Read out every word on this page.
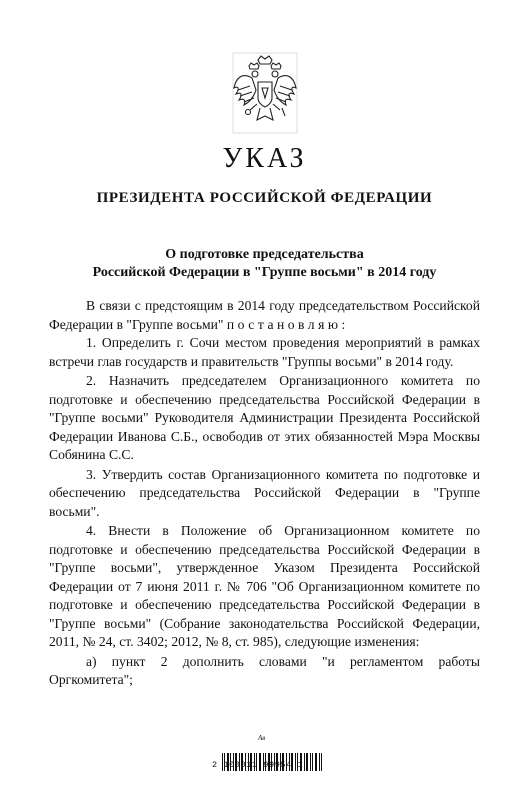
УКАЗ
ПРЕЗИДЕНТА РОССИЙСКОЙ ФЕДЕРАЦИИ
О подготовке председательства
Российской Федерации в "Группе восьми" в 2014 году

В связи с предстоящим в 2014 году председательством Российской Федерации в "Группе восьми" постановляю:

1. Определить г. Сочи местом проведения мероприятий в рамках встречи глав государств и правительств "Группы восьми" в 2014 году.

2. Назначить председателем Организационного комитета по подготовке и обеспечению председательства Российской Федерации в "Группе восьми" Руководителя Администрации Президента Российской Федерации Иванова С.Б., освободив от этих обязанностей Мэра Москвы Собянина С.С.

3. Утвердить состав Организационного комитета по подготовке и обеспечению председательства Российской Федерации в "Группе восьми".

4. Внести в Положение об Организационном комитете по подготовке и обеспечению председательства Российской Федерации в "Группе восьми", утвержденное Указом Президента Российской Федерации от 7 июня 2011 г. № 706 "Об Организационном комитете по подготовке и обеспечению председательства Российской Федерации в "Группе восьми" (Собрание законодательства Российской Федерации, 2011, № 24, ст. 3402; 2012, № 8, ст. 985), следующие изменения:

а) пункт 2 дополнить словами "и регламентом работы Оргкомитета";

Ав
2 100011 99954 1
